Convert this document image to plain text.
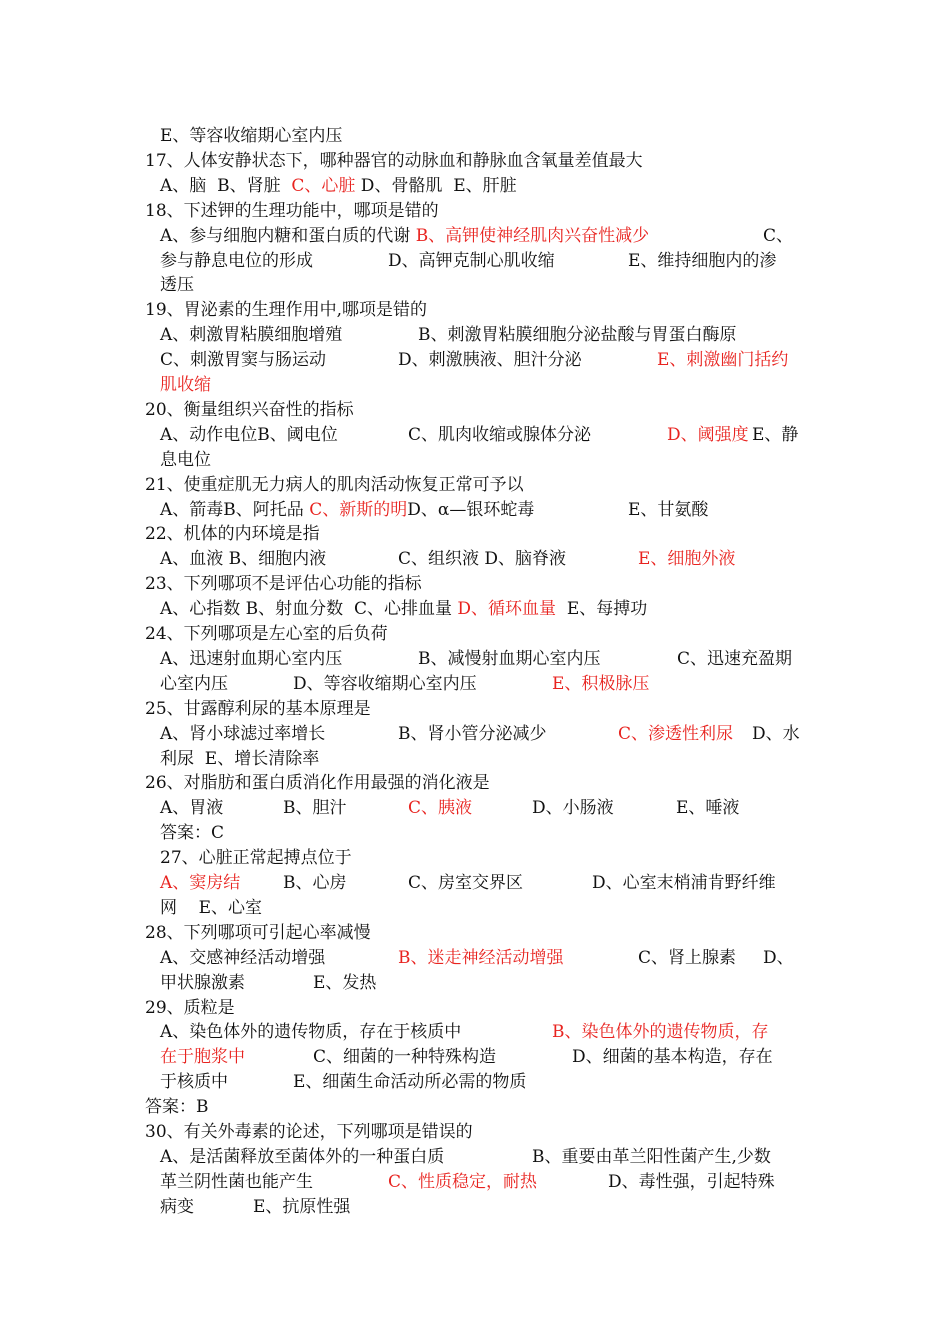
E、等容收缩期心室内压
17、人体安静状态下，哪种器官的动脉血和静脉血含氧量差值最大
A、脑  B、肾脏 C、心脏 D、骨骼肌  E、肝脏
18、下述钾的生理功能中，哪项是错的
A、参与细胞内糖和蛋白质的代谢 B、高钾使神经肌肉兴奋性减少	C、
参与静息电位的形成	D、高钾克制心肌收缩	E、维持细胞内的渗
透压
19、胃泌素的生理作用中,哪项是错的
A、刺激胃粘膜细胞增殖	B、刺激胃粘膜细胞分泌盐酸与胃蛋白酶原
C、刺激胃窦与肠运动	D、刺激胰液、胆汁分泌	E、刺激幽门括约
肌收缩
20、衡量组织兴奋性的指标
A、动作电位B、阈电位	C、肌肉收缩或腺体分泌	D、阈强度 E、静
息电位
21、使重症肌无力病人的肌肉活动恢复正常可予以
A、箭毒B、阿托品 C、新斯的明 D、α—银环蛇毒	E、甘氨酸
22、机体的内环境是指
A、血液 B、细胞内液	C、组织液 D、脑脊液	E、细胞外液
23、下列哪项不是评估心功能的指标
A、心指数 B、射血分数  C、心排血量 D、循环血量 E、每搏功
24、下列哪项是左心室的后负荷
A、迅速射血期心室内压	B、减慢射血期心室内压	C、迅速充盈期
心室内压	D、等容收缩期心室内压	E、积极脉压
25、甘露醇利尿的基本原理是
A、肾小球滤过率增长	B、肾小管分泌减少	C、渗透性利尿 D、水
利尿  E、增长清除率
26、对脂肪和蛋白质消化作用最强的消化液是
A、胃液	B、胆汁	C、胰液	D、小肠液	E、唾液
答案：C
27、心脏正常起搏点位于
A、窦房结	B、心房	C、房室交界区	D、心室末梢浦肯野纤维
网    E、心室
28、下列哪项可引起心率减慢
A、交感神经活动增强	B、迷走神经活动增强	C、肾上腺素 D、
甲状腺激素	E、发热
29、质粒是
A、染色体外的遗传物质，存在于核质中	B、染色体外的遗传物质，存
在于胞浆中	C、细菌的一种特殊构造	D、细菌的基本构造，存在
于核质中	E、细菌生命活动所必需的物质
答案：B
30、有关外毒素的论述，下列哪项是错误的
A、是活菌释放至菌体外的一种蛋白质	B、重要由革兰阳性菌产生,少数
革兰阴性菌也能产生	C、性质稳定，耐热	D、毒性强，引起特殊
病变	E、抗原性强
